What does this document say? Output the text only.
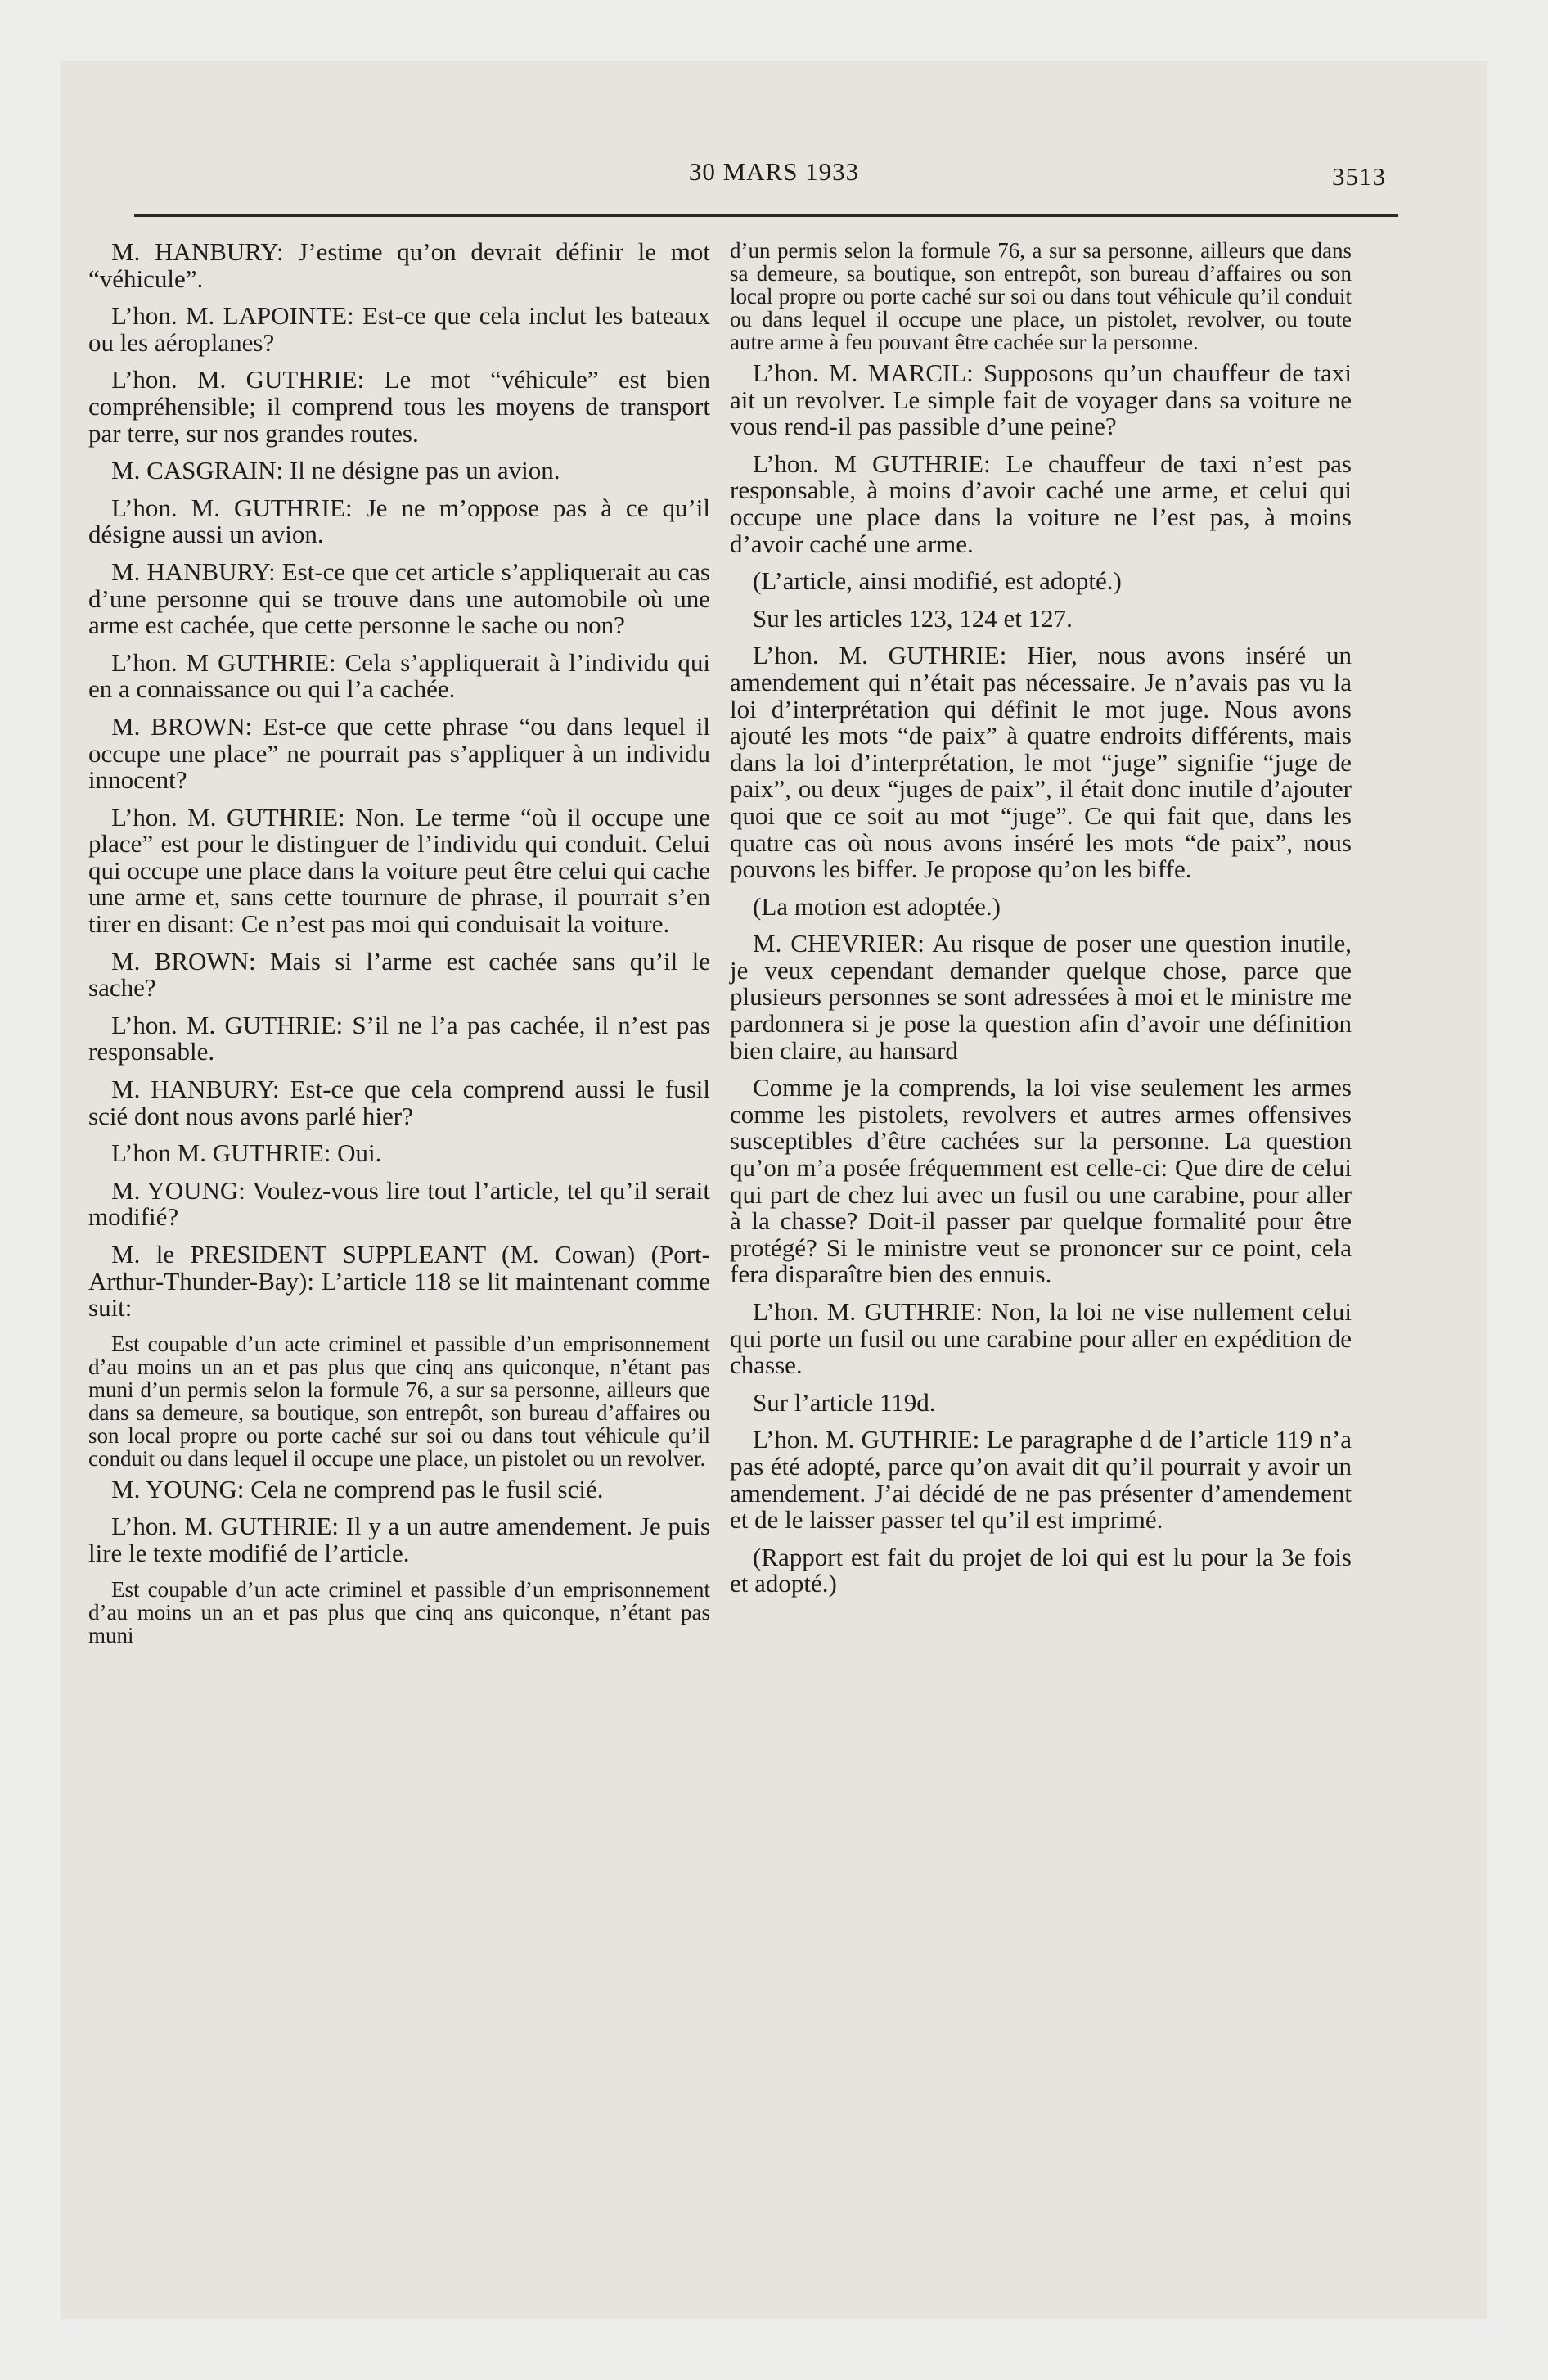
30 MARS 1933	3513

M. HANBURY: J’estime qu’on devrait définir le mot “véhicule”.

L’hon. M. LAPOINTE: Est-ce que cela inclut les bateaux ou les aéroplanes?

L’hon. M. GUTHRIE: Le mot “véhicule” est bien compréhensible; il comprend tous les moyens de transport par terre, sur nos grandes routes.

M. CASGRAIN: Il ne désigne pas un avion.

L’hon. M. GUTHRIE: Je ne m’oppose pas à ce qu’il désigne aussi un avion.

M. HANBURY: Est-ce que cet article s’appliquerait au cas d’une personne qui se trouve dans une automobile où une arme est cachée, que cette personne le sache ou non?

L’hon. M GUTHRIE: Cela s’appliquerait à l’individu qui en a connaissance ou qui l’a cachée.

M. BROWN: Est-ce que cette phrase “ou dans lequel il occupe une place” ne pourrait pas s’appliquer à un individu innocent?

L’hon. M. GUTHRIE: Non. Le terme “où il occupe une place” est pour le distinguer de l’individu qui conduit. Celui qui occupe une place dans la voiture peut être celui qui cache une arme et, sans cette tournure de phrase, il pourrait s’en tirer en disant: Ce n’est pas moi qui conduisait la voiture.

M. BROWN: Mais si l’arme est cachée sans qu’il le sache?

L’hon. M. GUTHRIE: S’il ne l’a pas cachée, il n’est pas responsable.

M. HANBURY: Est-ce que cela comprend aussi le fusil scié dont nous avons parlé hier?

L’hon M. GUTHRIE: Oui.

M. YOUNG: Voulez-vous lire tout l’article, tel qu’il serait modifié?

M. le PRESIDENT SUPPLEANT (M. Cowan) (Port-Arthur-Thunder-Bay): L’article 118 se lit maintenant comme suit:

Est coupable d’un acte criminel et passible d’un emprisonnement d’au moins un an et pas plus que cinq ans quiconque, n’étant pas muni d’un permis selon la formule 76, a sur sa personne, ailleurs que dans sa demeure, sa boutique, son entrepôt, son bureau d’affaires ou son local propre ou porte caché sur soi ou dans tout véhicule qu’il conduit ou dans lequel il occupe une place, un pistolet ou un revolver.

M. YOUNG: Cela ne comprend pas le fusil scié.

L’hon. M. GUTHRIE: Il y a un autre amendement. Je puis lire le texte modifié de l’article.

Est coupable d’un acte criminel et passible d’un emprisonnement d’au moins un an et pas plus que cinq ans quiconque, n’étant pas muni

d’un permis selon la formule 76, a sur sa personne, ailleurs que dans sa demeure, sa boutique, son entrepôt, son bureau d’affaires ou son local propre ou porte caché sur soi ou dans tout véhicule qu’il conduit ou dans lequel il occupe une place, un pistolet, revolver, ou toute autre arme à feu pouvant être cachée sur la personne.

L’hon. M. MARCIL: Supposons qu’un chauffeur de taxi ait un revolver. Le simple fait de voyager dans sa voiture ne vous rend-il pas passible d’une peine?

L’hon. M GUTHRIE: Le chauffeur de taxi n’est pas responsable, à moins d’avoir caché une arme, et celui qui occupe une place dans la voiture ne l’est pas, à moins d’avoir caché une arme.

(L’article, ainsi modifié, est adopté.)

Sur les articles 123, 124 et 127.

L’hon. M. GUTHRIE: Hier, nous avons inséré un amendement qui n’était pas nécessaire. Je n’avais pas vu la loi d’interprétation qui définit le mot juge. Nous avons ajouté les mots “de paix” à quatre endroits différents, mais dans la loi d’interprétation, le mot “juge” signifie “juge de paix”, ou deux “juges de paix”, il était donc inutile d’ajouter quoi que ce soit au mot “juge”. Ce qui fait que, dans les quatre cas où nous avons inséré les mots “de paix”, nous pouvons les biffer. Je propose qu’on les biffe.

(La motion est adoptée.)

M. CHEVRIER: Au risque de poser une question inutile, je veux cependant demander quelque chose, parce que plusieurs personnes se sont adressées à moi et le ministre me pardonnera si je pose la question afin d’avoir une définition bien claire, au hansard

Comme je la comprends, la loi vise seulement les armes comme les pistolets, revolvers et autres armes offensives susceptibles d’être cachées sur la personne. La question qu’on m’a posée fréquemment est celle-ci: Que dire de celui qui part de chez lui avec un fusil ou une carabine, pour aller à la chasse? Doit-il passer par quelque formalité pour être protégé? Si le ministre veut se prononcer sur ce point, cela fera disparaître bien des ennuis.

L’hon. M. GUTHRIE: Non, la loi ne vise nullement celui qui porte un fusil ou une carabine pour aller en expédition de chasse.

Sur l’article 119d.

L’hon. M. GUTHRIE: Le paragraphe d de l’article 119 n’a pas été adopté, parce qu’on avait dit qu’il pourrait y avoir un amendement. J’ai décidé de ne pas présenter d’amendement et de le laisser passer tel qu’il est imprimé.

(Rapport est fait du projet de loi qui est lu pour la 3e fois et adopté.)
